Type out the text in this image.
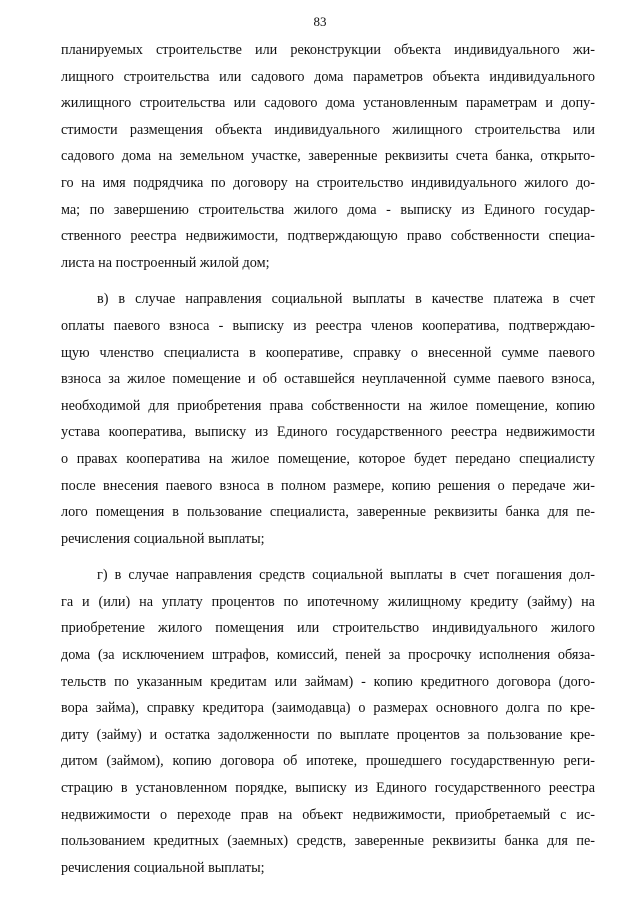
83
планируемых строительстве или реконструкции объекта индивидуального жи-
лищного строительства или садового дома параметров объекта индивидуального
жилищного строительства или садового дома установленным параметрам и допу-
стимости размещения объекта индивидуального жилищного строительства или
садового дома на земельном участке, заверенные реквизиты счета банка, открыто-
го на имя подрядчика по договору на строительство индивидуального жилого до-
ма; по завершению строительства жилого дома - выписку из Единого государ-
ственного реестра недвижимости, подтверждающую право собственности специа-
листа на построенный жилой дом;
в) в случае направления социальной выплаты в качестве платежа в счет
оплаты паевого взноса - выписку из реестра членов кооператива, подтверждаю-
щую членство специалиста в кооперативе, справку о внесенной сумме паевого
взноса за жилое помещение и об оставшейся неуплаченной сумме паевого взноса,
необходимой для приобретения права собственности на жилое помещение, копию
устава кооператива, выписку из Единого государственного реестра недвижимости
о правах кооператива на жилое помещение, которое будет передано специалисту
после внесения паевого взноса в полном размере, копию решения о передаче жи-
лого помещения в пользование специалиста, заверенные реквизиты банка для пе-
речисления социальной выплаты;
г) в случае направления средств социальной выплаты в счет погашения дол-
га и (или) на уплату процентов по ипотечному жилищному кредиту (займу) на
приобретение жилого помещения или строительство индивидуального жилого
дома (за исключением штрафов, комиссий, пеней за просрочку исполнения обяза-
тельств по указанным кредитам или займам) - копию кредитного договора (дого-
вора займа), справку кредитора (заимодавца) о размерах основного долга по кре-
диту (займу) и остатка задолженности по выплате процентов за пользование кре-
дитом (займом), копию договора об ипотеке, прошедшего государственную реги-
страцию в установленном порядке, выписку из Единого государственного реестра
недвижимости о переходе прав на объект недвижимости, приобретаемый с ис-
пользованием кредитных (заемных) средств, заверенные реквизиты банка для пе-
речисления социальной выплаты;
